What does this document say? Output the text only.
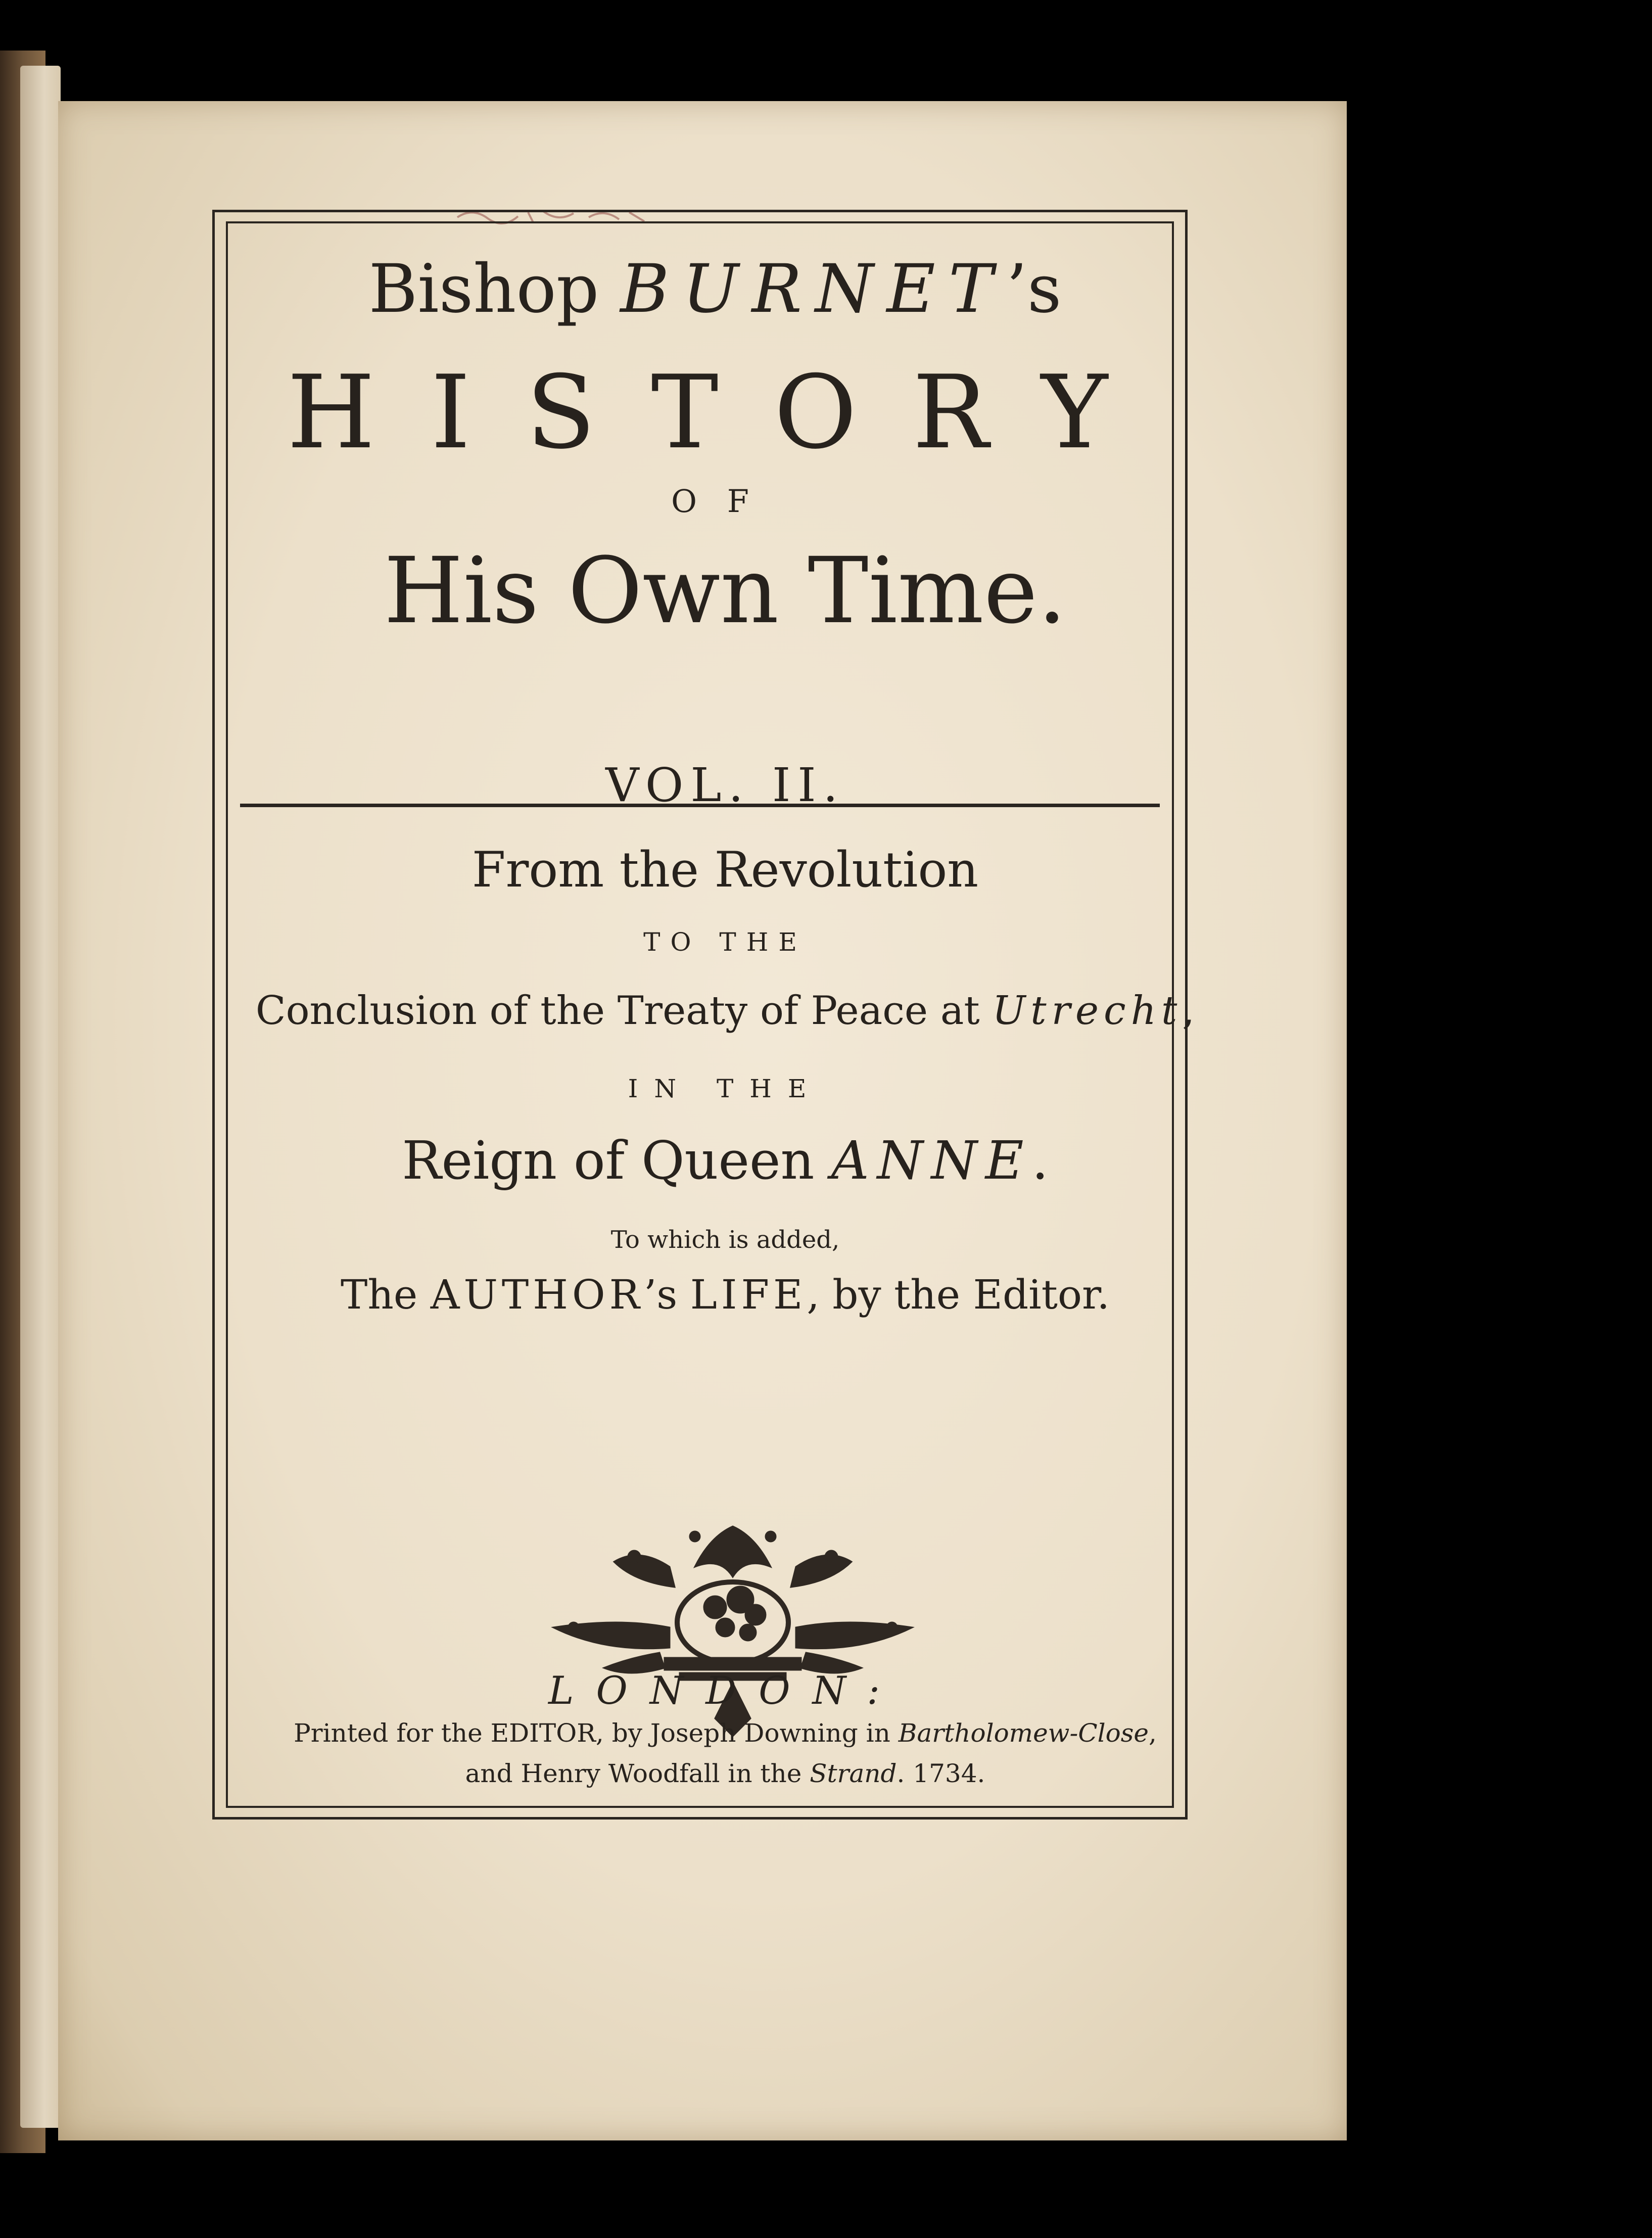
Bishop BURNET’s
HISTORY
OF
His Own Time.
VOL. II.
From the Revolution
TO THE
Conclusion of the Treaty of Peace at Utrecht,
IN THE
Reign of Queen ANNE.
To which is added,
The AUTHOR’s LIFE, by the Editor.
LONDON:
Printed for the EDITOR, by Joseph Downing in Bartholomew-Close,
and Henry Woodfall in the Strand. 1734.
